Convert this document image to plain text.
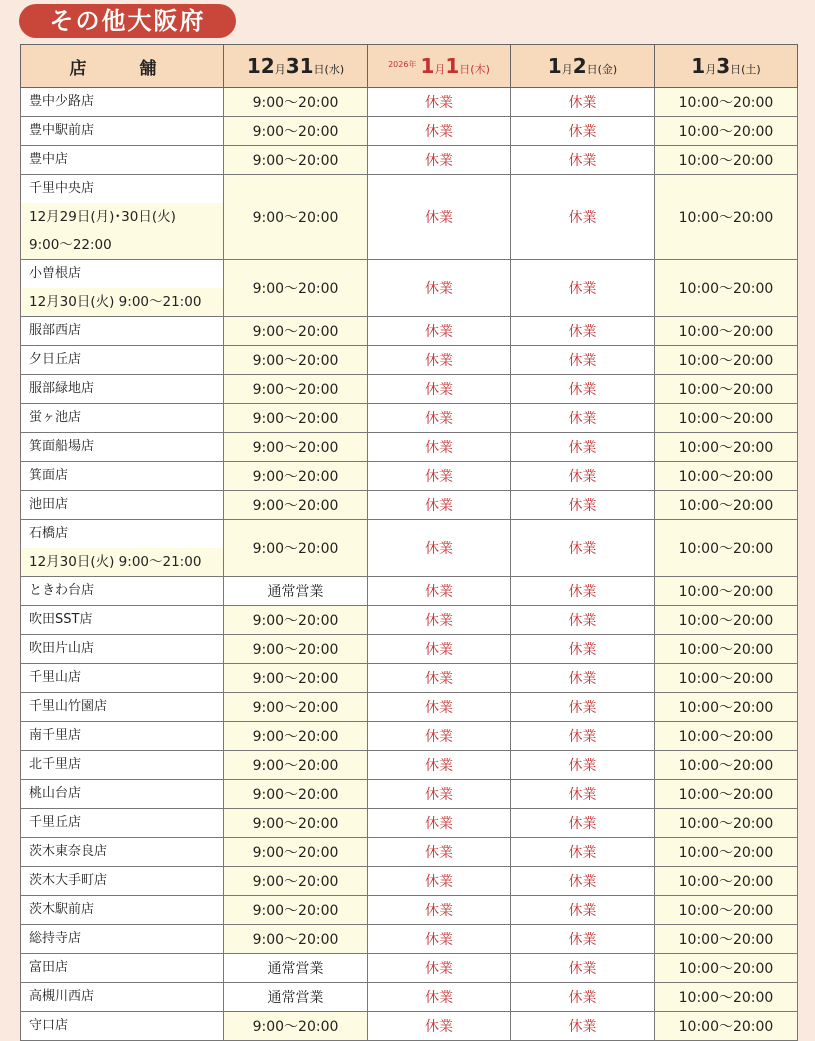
その他大阪府
店　舗	12月31日(水)	$^{2026年}$ 1月1日(木)	1月2日(金)	1月3日(土)

豊中少路店	9:00〜20:00	休業	休業	10:00〜20:00

豊中駅前店	9:00〜20:00	休業	休業	10:00〜20:00

豊中店	9:00〜20:00	休業	休業	10:00〜20:00

千里中央店
12月29日(月)･30日(火)
9:00〜22:00	9:00〜20:00	休業	休業	10:00〜20:00

小曽根店
12月30日(火) 9:00〜21:00	9:00〜20:00	休業	休業	10:00〜20:00

服部西店	9:00〜20:00	休業	休業	10:00〜20:00

夕日丘店	9:00〜20:00	休業	休業	10:00〜20:00

服部緑地店	9:00〜20:00	休業	休業	10:00〜20:00

蛍ヶ池店	9:00〜20:00	休業	休業	10:00〜20:00

箕面船場店	9:00〜20:00	休業	休業	10:00〜20:00

箕面店	9:00〜20:00	休業	休業	10:00〜20:00

池田店	9:00〜20:00	休業	休業	10:00〜20:00

石橋店
12月30日(火) 9:00〜21:00	9:00〜20:00	休業	休業	10:00〜20:00

ときわ台店	通常営業	休業	休業	10:00〜20:00

吹田SST店	9:00〜20:00	休業	休業	10:00〜20:00

吹田片山店	9:00〜20:00	休業	休業	10:00〜20:00

千里山店	9:00〜20:00	休業	休業	10:00〜20:00

千里山竹園店	9:00〜20:00	休業	休業	10:00〜20:00

南千里店	9:00〜20:00	休業	休業	10:00〜20:00

北千里店	9:00〜20:00	休業	休業	10:00〜20:00

桃山台店	9:00〜20:00	休業	休業	10:00〜20:00

千里丘店	9:00〜20:00	休業	休業	10:00〜20:00

茨木東奈良店	9:00〜20:00	休業	休業	10:00〜20:00

茨木大手町店	9:00〜20:00	休業	休業	10:00〜20:00

茨木駅前店	9:00〜20:00	休業	休業	10:00〜20:00

総持寺店	9:00〜20:00	休業	休業	10:00〜20:00

富田店	通常営業	休業	休業	10:00〜20:00

高槻川西店	通常営業	休業	休業	10:00〜20:00

守口店	9:00〜20:00	休業	休業	10:00〜20:00
